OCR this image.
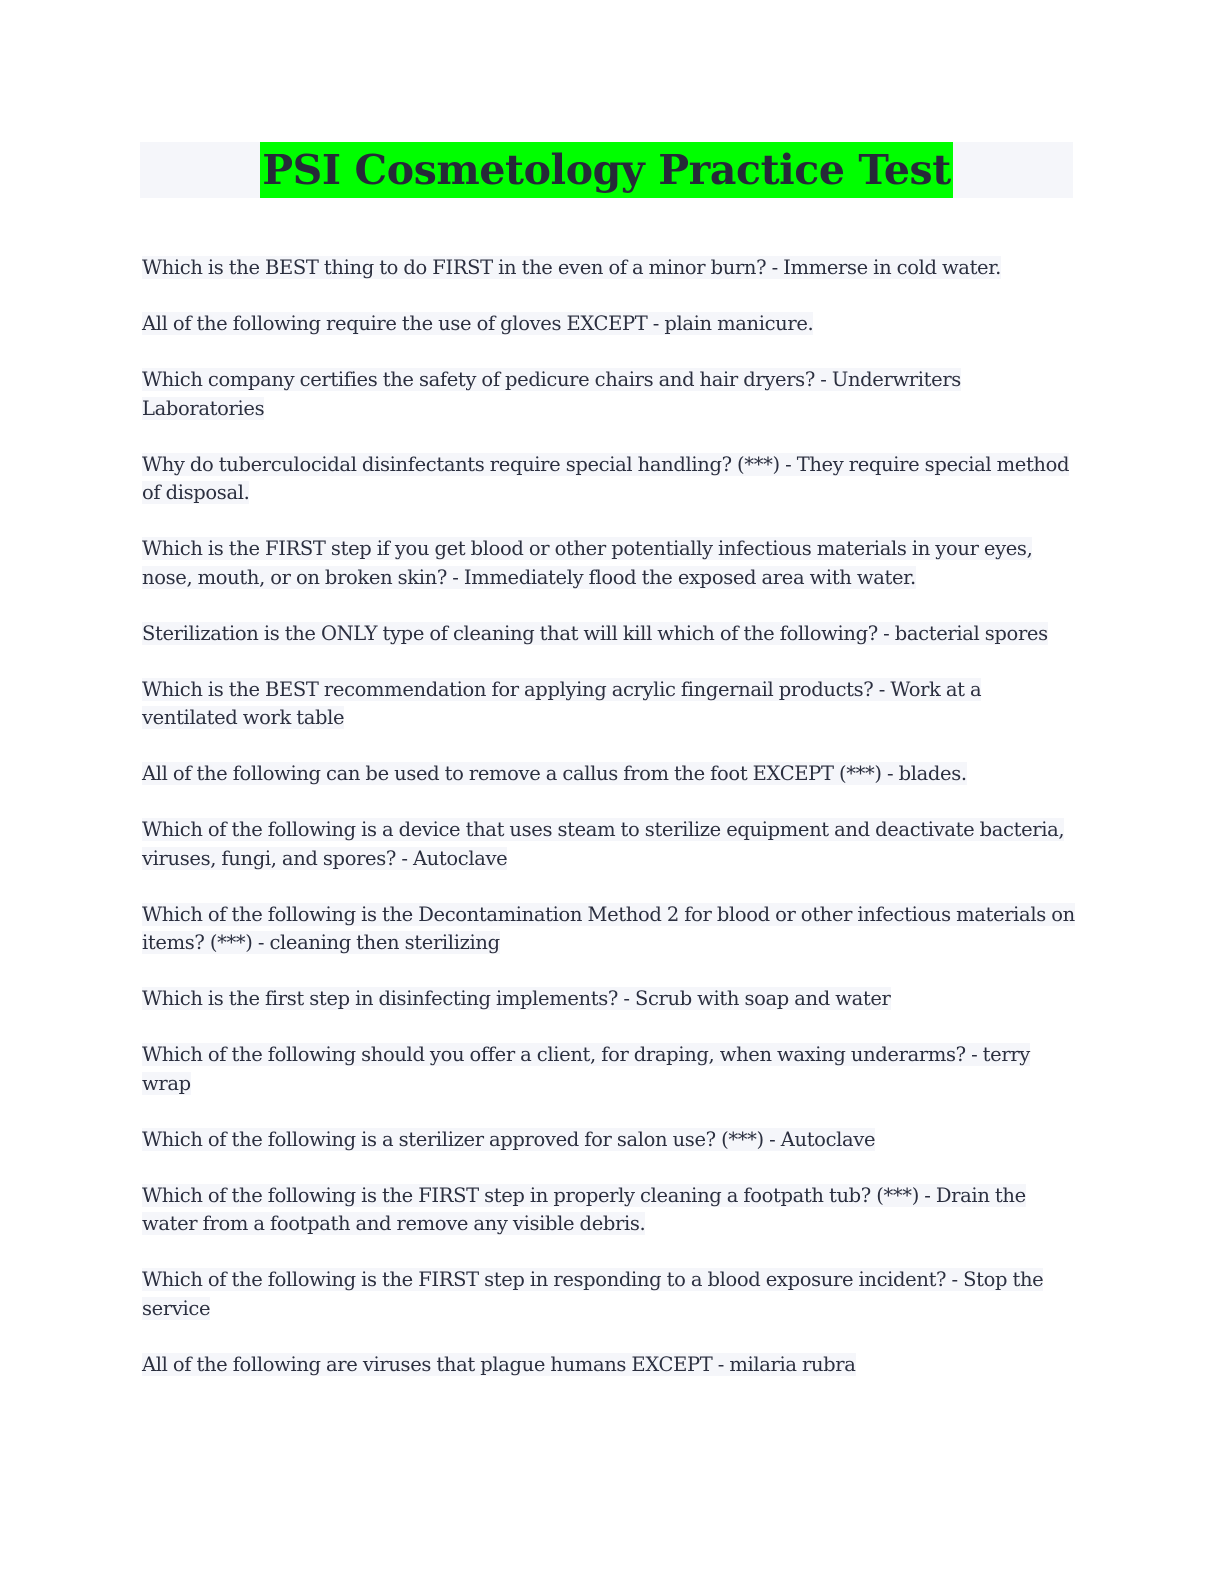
PSI Cosmetology Practice Test
Which is the BEST thing to do FIRST in the even of a minor burn? - Immerse in cold water.
All of the following require the use of gloves EXCEPT - plain manicure.
Which company certifies the safety of pedicure chairs and hair dryers? - Underwriters Laboratories
Why do tuberculocidal disinfectants require special handling? (***) - They require special method of disposal.
Which is the FIRST step if you get blood or other potentially infectious materials in your eyes, nose, mouth, or on broken skin? - Immediately flood the exposed area with water.
Sterilization is the ONLY type of cleaning that will kill which of the following? - bacterial spores
Which is the BEST recommendation for applying acrylic fingernail products? - Work at a ventilated work table
All of the following can be used to remove a callus from the foot EXCEPT (***) - blades.
Which of the following is a device that uses steam to sterilize equipment and deactivate bacteria, viruses, fungi, and spores? - Autoclave
Which of the following is the Decontamination Method 2 for blood or other infectious materials on items? (***) - cleaning then sterilizing
Which is the first step in disinfecting implements? - Scrub with soap and water
Which of the following should you offer a client, for draping, when waxing underarms? - terry wrap
Which of the following is a sterilizer approved for salon use? (***) - Autoclave
Which of the following is the FIRST step in properly cleaning a footpath tub? (***) - Drain the water from a footpath and remove any visible debris.
Which of the following is the FIRST step in responding to a blood exposure incident? - Stop the service
All of the following are viruses that plague humans EXCEPT - milaria rubra
